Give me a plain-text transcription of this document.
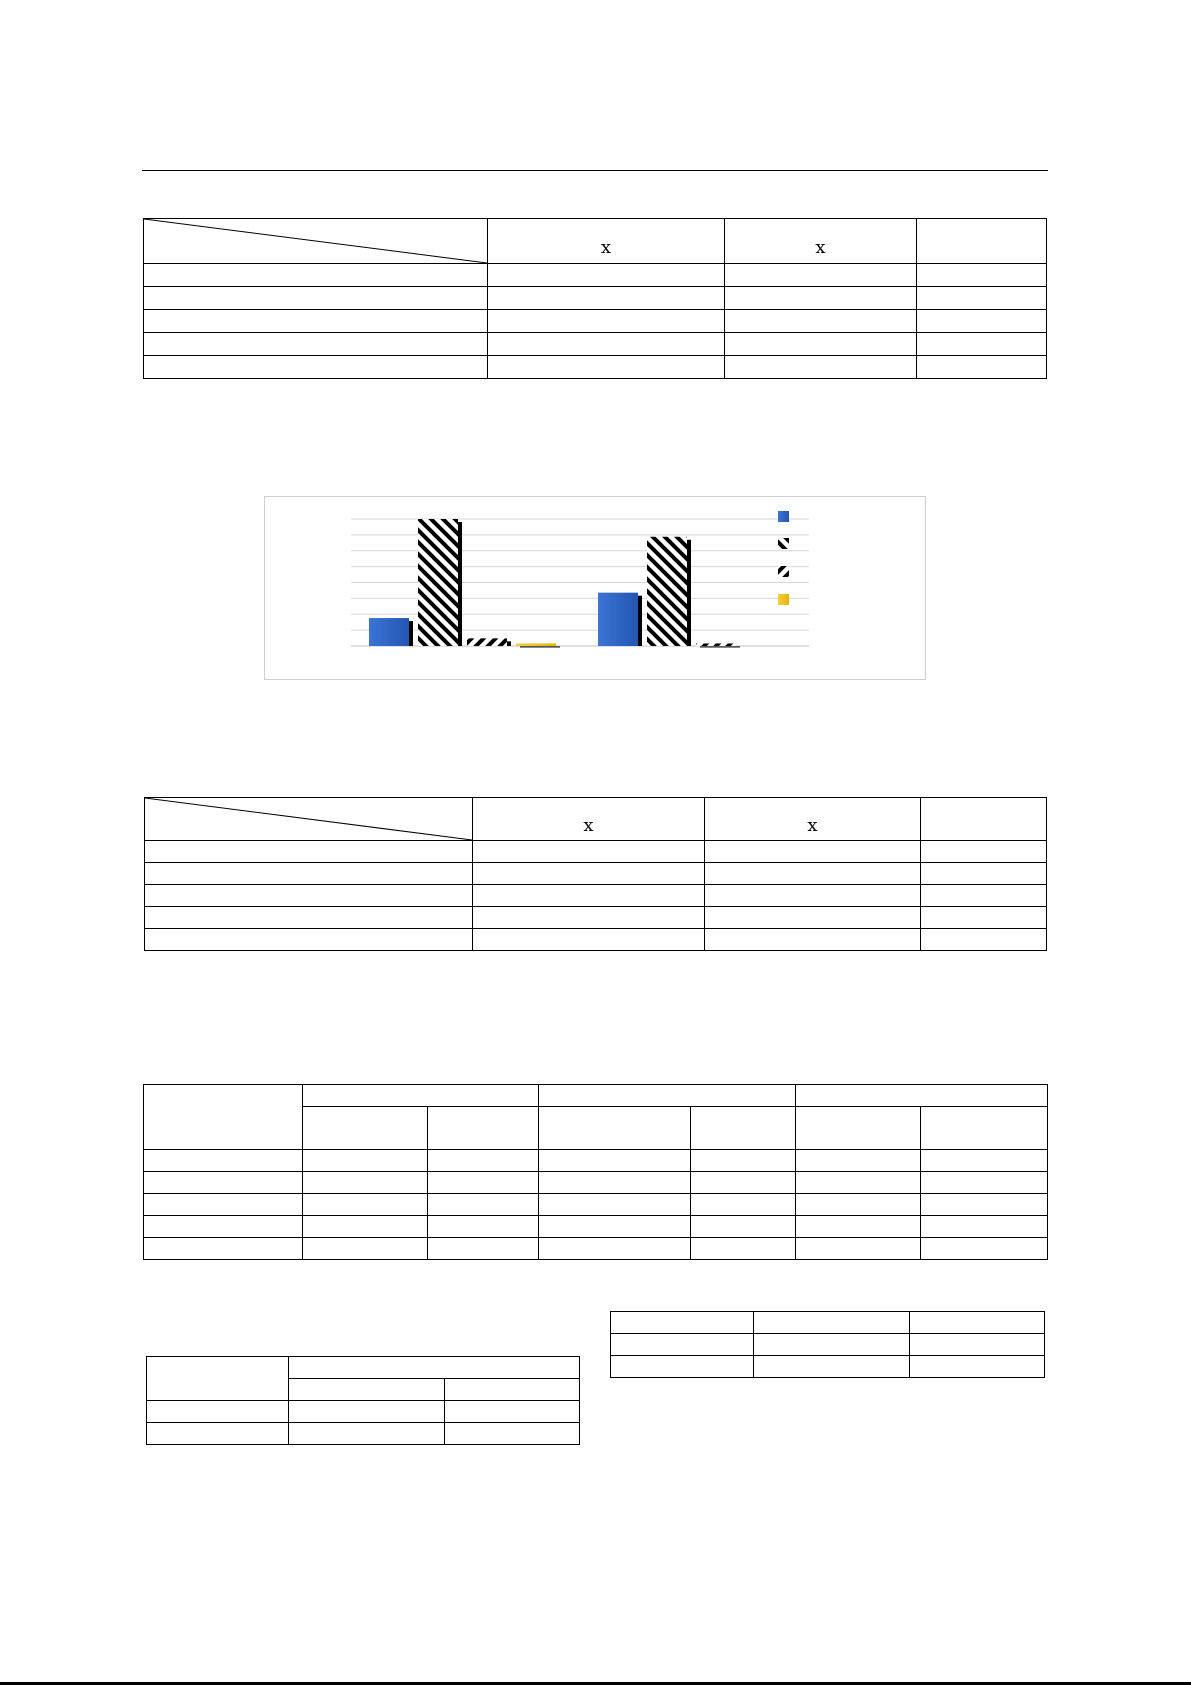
	x	x	

	x	x	
